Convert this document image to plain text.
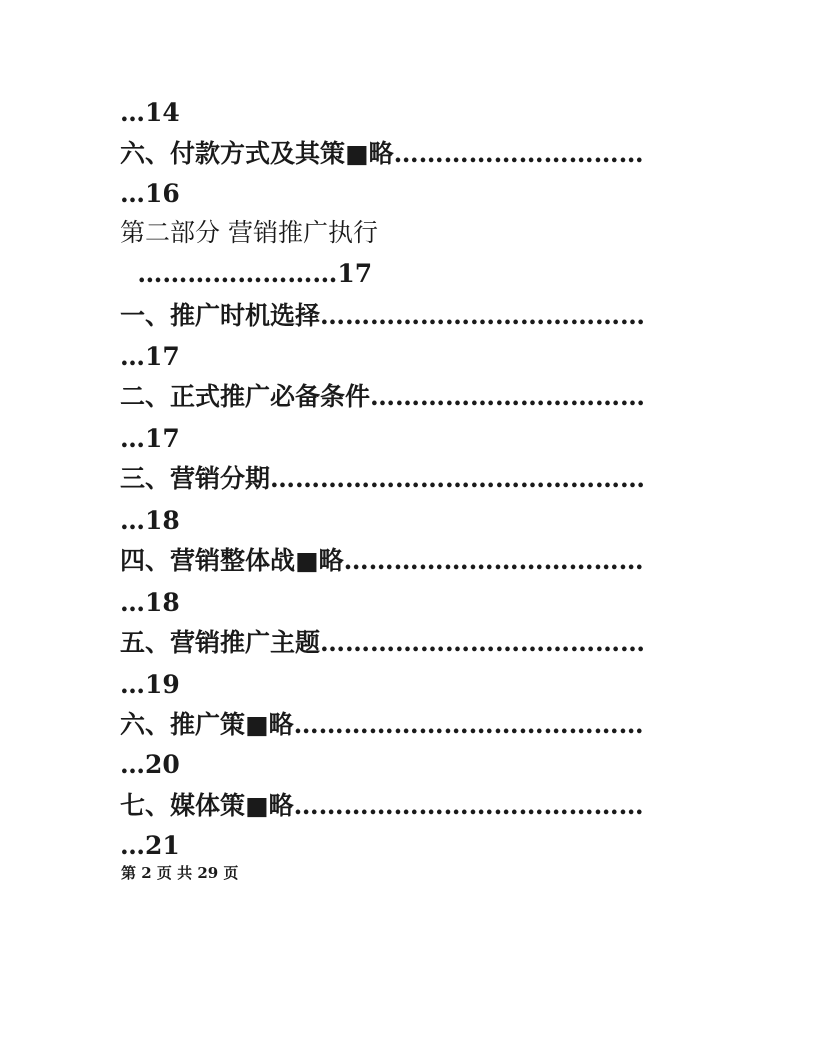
…14
六、付款方式及其策■略…………………………
…16
第二部分 营销推广执行
……………………17
一、推广时机选择…………………………………
…17
二、正式推广必备条件……………………………
…17
三、营销分期………………………………………
…18
四、营销整体战■略………………………………
…18
五、营销推广主题…………………………………
…19
六、推广策■略……………………………………
…20
七、媒体策■略……………………………………
…21
第 2 页 共 29 页
